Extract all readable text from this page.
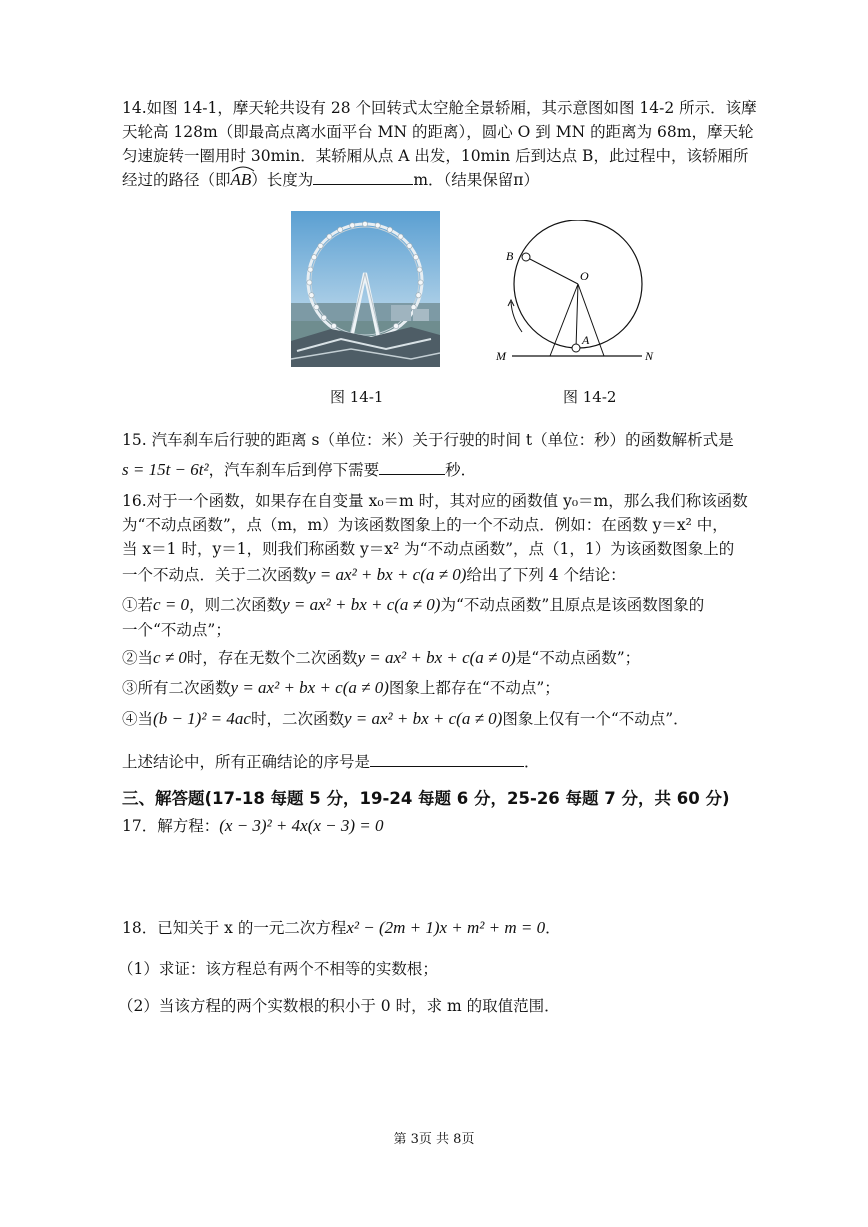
14.如图 14-1，摩天轮共设有 28 个回转式太空舱全景轿厢，其示意图如图 14-2 所示．该摩
天轮高 128m（即最高点离水面平台 MN 的距离），圆心 O 到 MN 的距离为 68m，摩天轮
匀速旋转一圈用时 30min．某轿厢从点 A 出发，10min 后到达点 B，此过程中，该轿厢所
经过的路径（即
AB）长度为	m．（结果保留π）
B
O
A
M	N
图 14-1	图 14-2
15. 汽车刹车后行驶的距离 s（单位：米）关于行驶的时间 t（单位：秒）的函数解析式是
s = 15t − 6t²，汽车刹车后到停下需要	秒．
16.对于一个函数，如果存在自变量 x₀＝m 时，其对应的函数值 y₀＝m，那么我们称该函数
为“不动点函数”，点（m，m）为该函数图象上的一个不动点．例如：在函数 y＝x² 中，
当 x＝1 时，y＝1，则我们称函数 y＝x² 为“不动点函数”，点（1，1）为该函数图象上的
一个不动点．关于二次函数y = ax² + bx + c(a ≠ 0)给出了下列 4 个结论：
①若c = 0，则二次函数y = ax² + bx + c(a ≠ 0)为“不动点函数”且原点是该函数图象的
一个“不动点”；
②当c ≠ 0时，存在无数个二次函数y = ax² + bx + c(a ≠ 0)是“不动点函数”；
③所有二次函数y = ax² + bx + c(a ≠ 0)图象上都存在“不动点”；
④当(b − 1)² = 4ac时，二次函数y = ax² + bx + c(a ≠ 0)图象上仅有一个“不动点”．
上述结论中，所有正确结论的序号是	．
三、解答题(17-18 每题 5 分，19-24 每题 6 分，25-26 每题 7 分，共 60 分)
17．解方程：(x − 3)² + 4x(x − 3) = 0
18．已知关于 x 的一元二次方程x² − (2m + 1)x + m² + m = 0．
（1）求证：该方程总有两个不相等的实数根；
（2）当该方程的两个实数根的积小于 0 时，求 m 的取值范围．
第 3页 共 8页
